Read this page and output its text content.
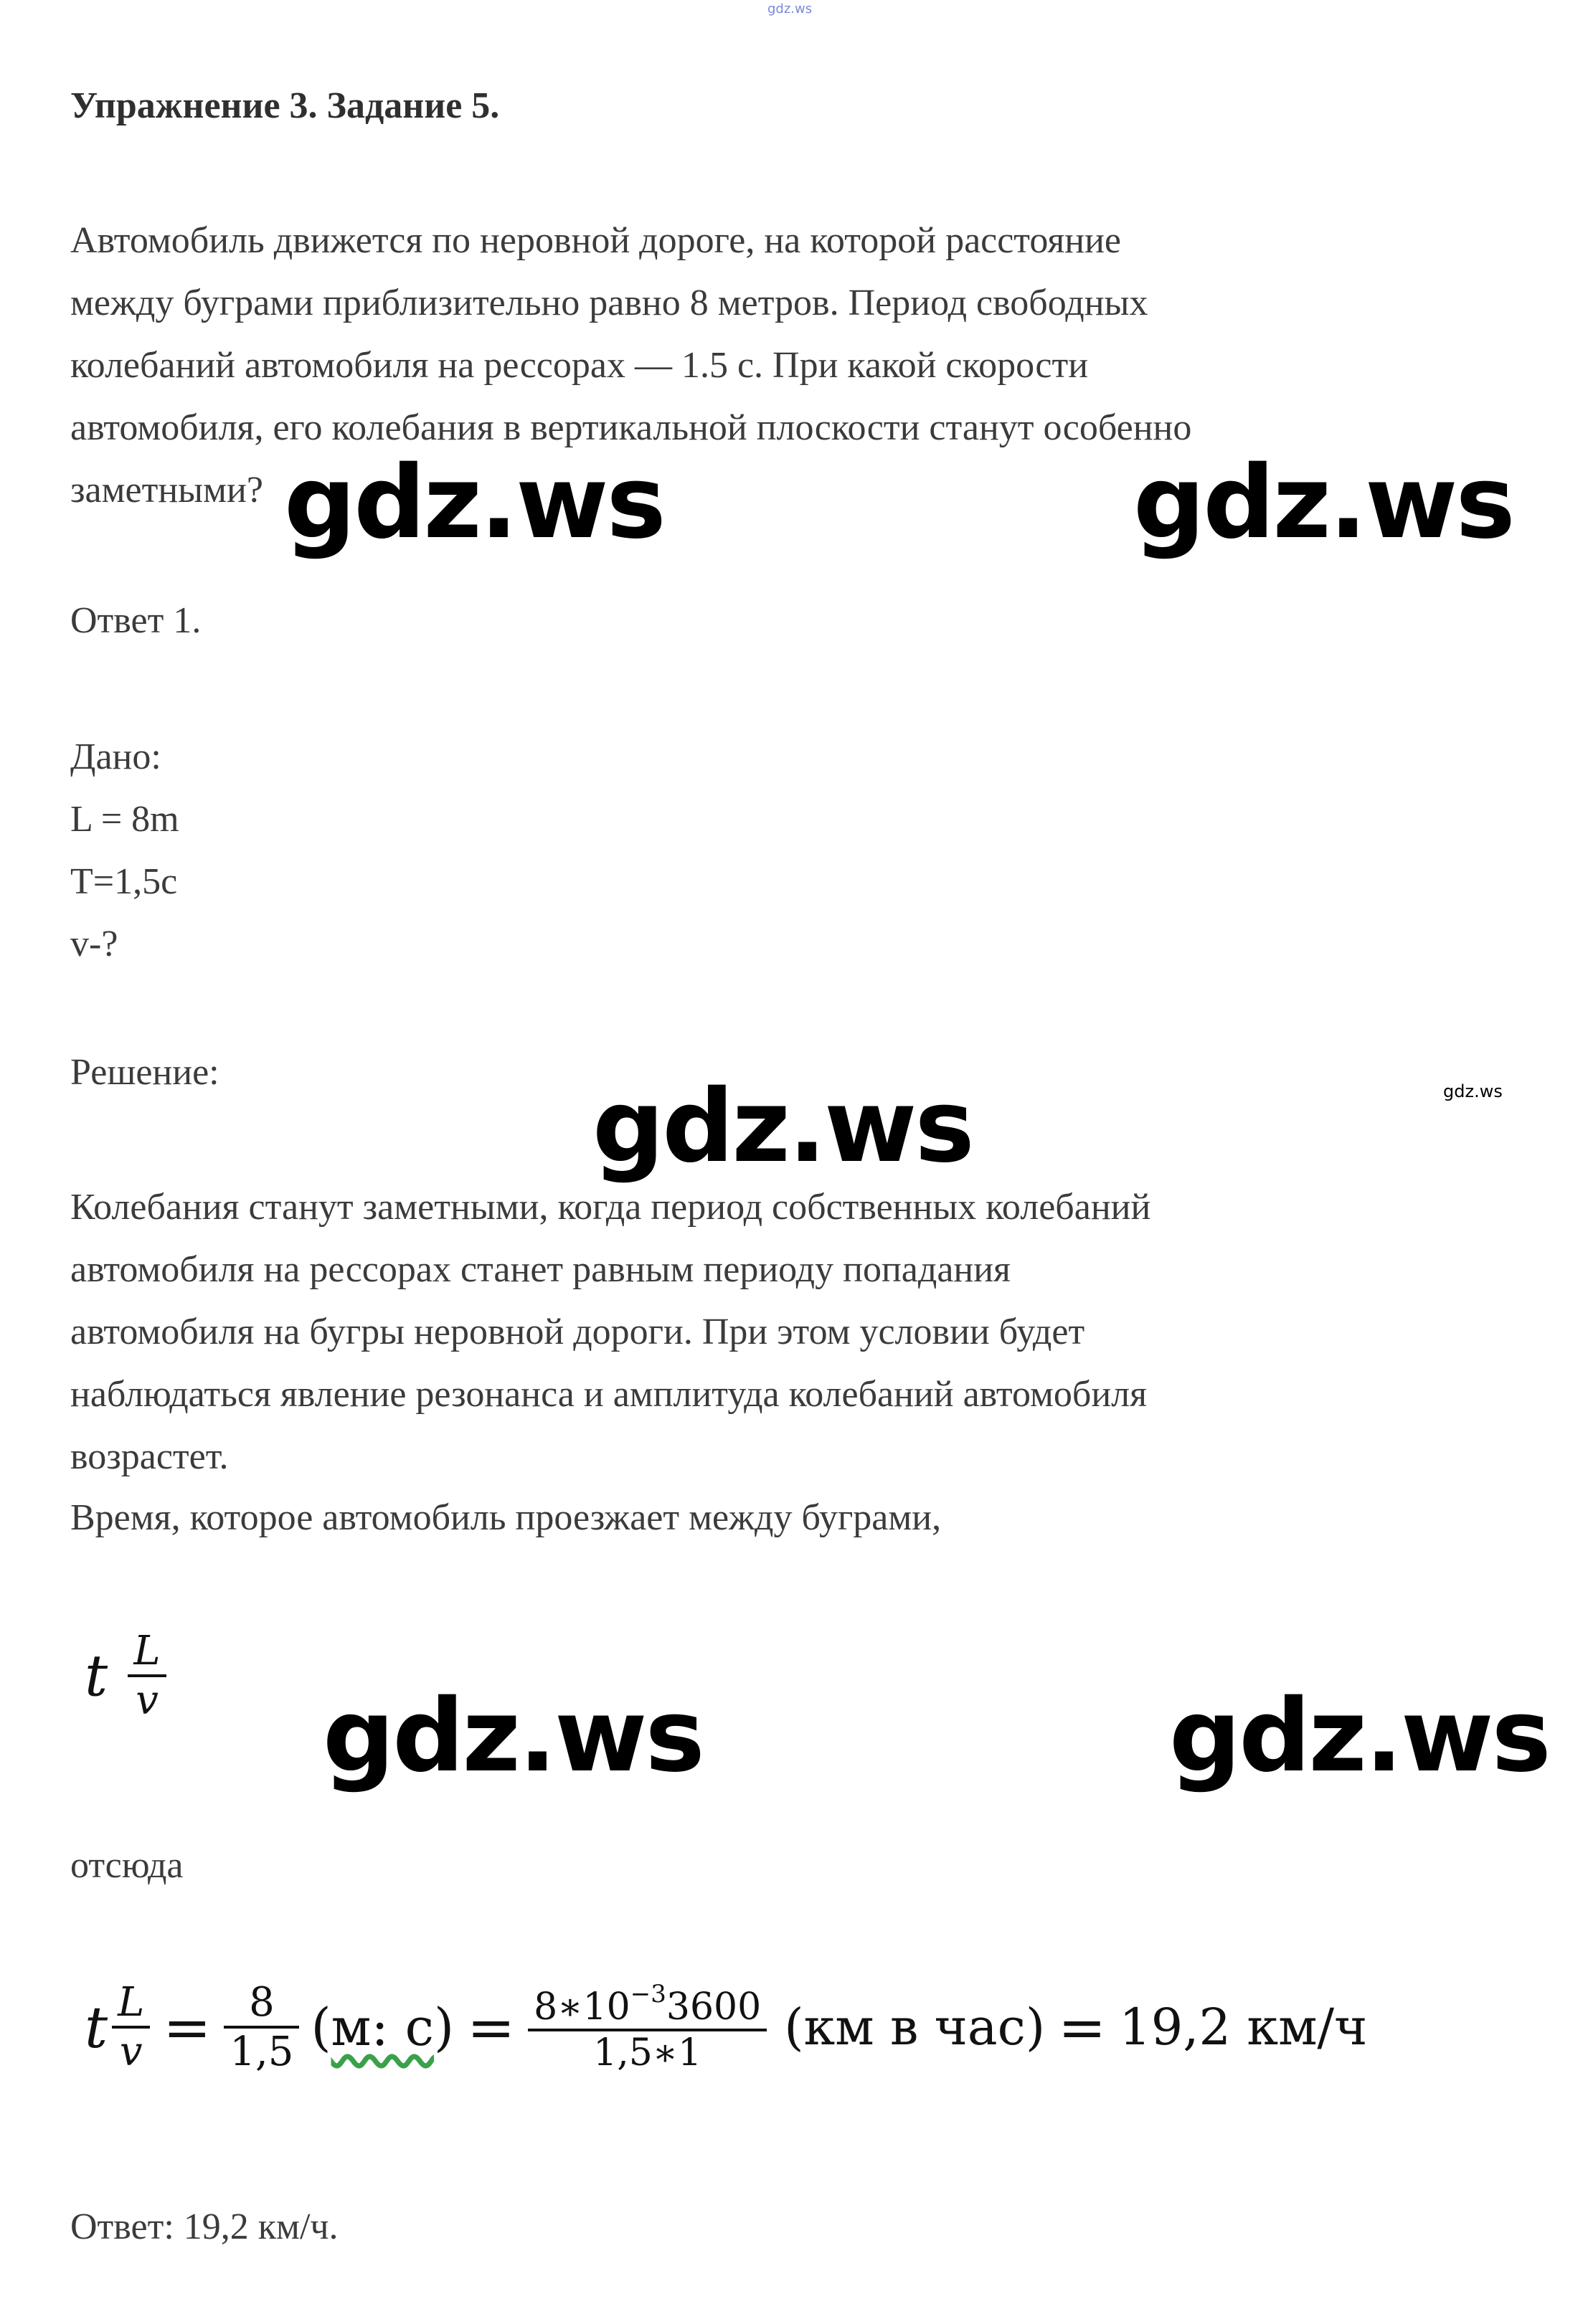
gdz.ws
Упражнение 3. Задание 5.
Автомобиль движется по неровной дороге, на которой расстояние
между буграми приблизительно равно 8 метров. Период свободных
колебаний автомобиля на рессорах — 1.5 с. При какой скорости
автомобиля, его колебания в вертикальной плоскости станут особенно
заметными?
Ответ 1.
Дано:
L = 8m
T=1,5c
v-?
Решение:
Колебания станут заметными, когда период собственных колебаний
автомобиля на рессорах станет равным периоду попадания
автомобиля на бугры неровной дороги. При этом условии будет
наблюдаться явление резонанса и амплитуда колебаний автомобиля
возрастет.
Время, которое автомобиль проезжает между буграми,
t $\frac{L}{v}$
отсюда
t $\frac{L}{v} = \frac{8}{1,5} (м$: $с) = \frac{8∗10^{-3}3600}{1,5∗1} (км$ в час) = 19,2 км/ч
Ответ: 19,2 км/ч.
gdz.ws	gdz.ws
gdz.ws
gdz.ws	gdz.ws
gdz.ws
